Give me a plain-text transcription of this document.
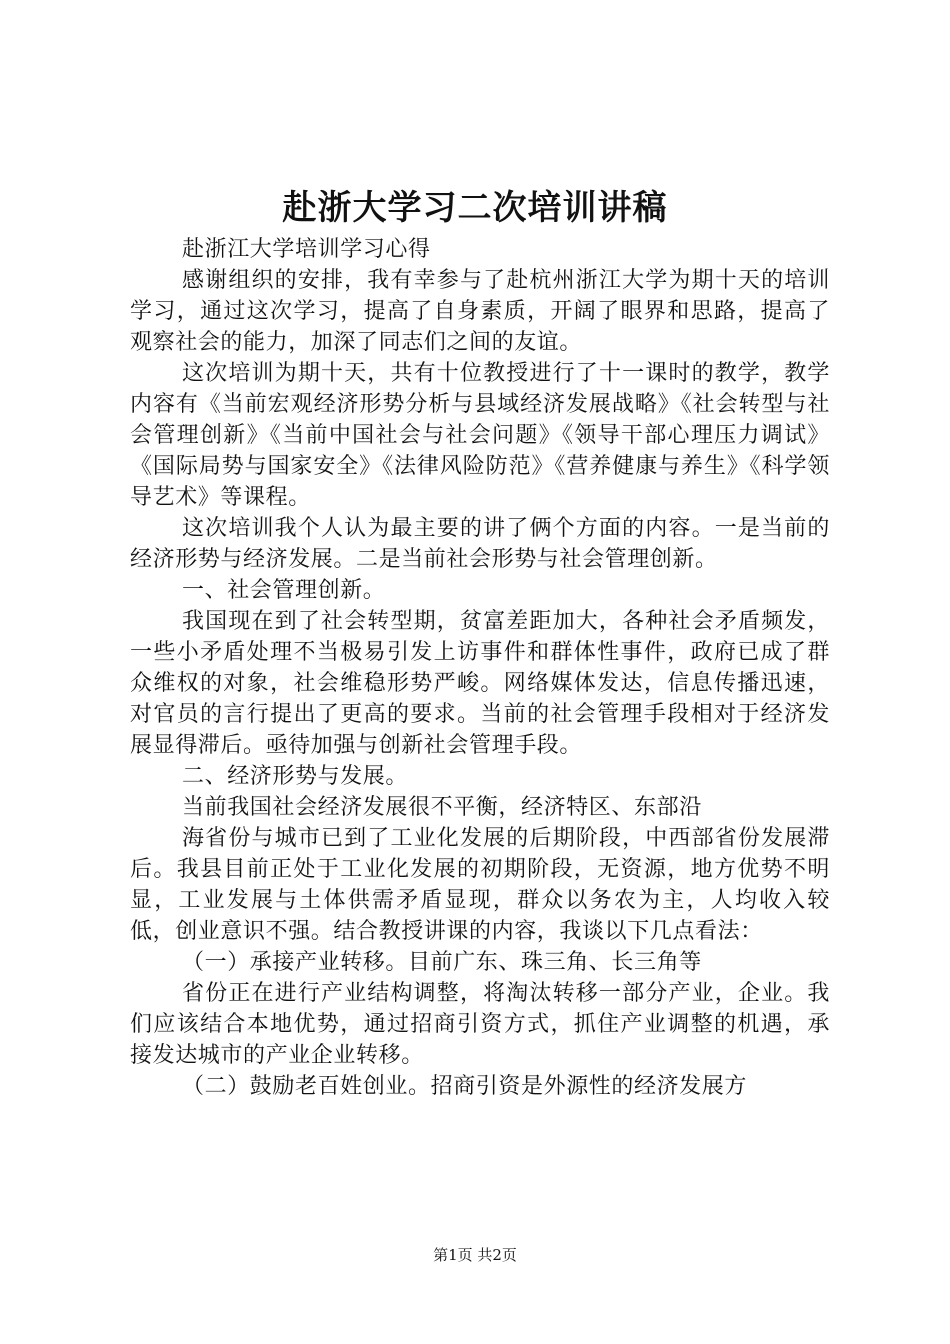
赴浙大学习二次培训讲稿

赴浙江大学培训学习心得

感谢组织的安排，我有幸参与了赴杭州浙江大学为期十天的培训学习，通过这次学习，提高了自身素质，开阔了眼界和思路，提高了观察社会的能力，加深了同志们之间的友谊。

这次培训为期十天，共有十位教授进行了十一课时的教学，教学内容有《当前宏观经济形势分析与县域经济发展战略》《社会转型与社会管理创新》《当前中国社会与社会问题》《领导干部心理压力调试》《国际局势与国家安全》《法律风险防范》《营养健康与养生》《科学领导艺术》等课程。

这次培训我个人认为最主要的讲了俩个方面的内容。一是当前的经济形势与经济发展。二是当前社会形势与社会管理创新。

一、社会管理创新。

我国现在到了社会转型期，贫富差距加大，各种社会矛盾频发，一些小矛盾处理不当极易引发上访事件和群体性事件，政府已成了群众维权的对象，社会维稳形势严峻。网络媒体发达，信息传播迅速，对官员的言行提出了更高的要求。当前的社会管理手段相对于经济发展显得滞后。亟待加强与创新社会管理手段。

二、经济形势与发展。

当前我国社会经济发展很不平衡，经济特区、东部沿

海省份与城市已到了工业化发展的后期阶段，中西部省份发展滞后。我县目前正处于工业化发展的初期阶段，无资源，地方优势不明显，工业发展与土体供需矛盾显现，群众以务农为主，人均收入较低，创业意识不强。结合教授讲课的内容，我谈以下几点看法：

（一）承接产业转移。目前广东、珠三角、长三角等

省份正在进行产业结构调整，将淘汰转移一部分产业，企业。我们应该结合本地优势，通过招商引资方式，抓住产业调整的机遇，承接发达城市的产业企业转移。

（二）鼓励老百姓创业。招商引资是外源性的经济发展方

第1页 共2页
